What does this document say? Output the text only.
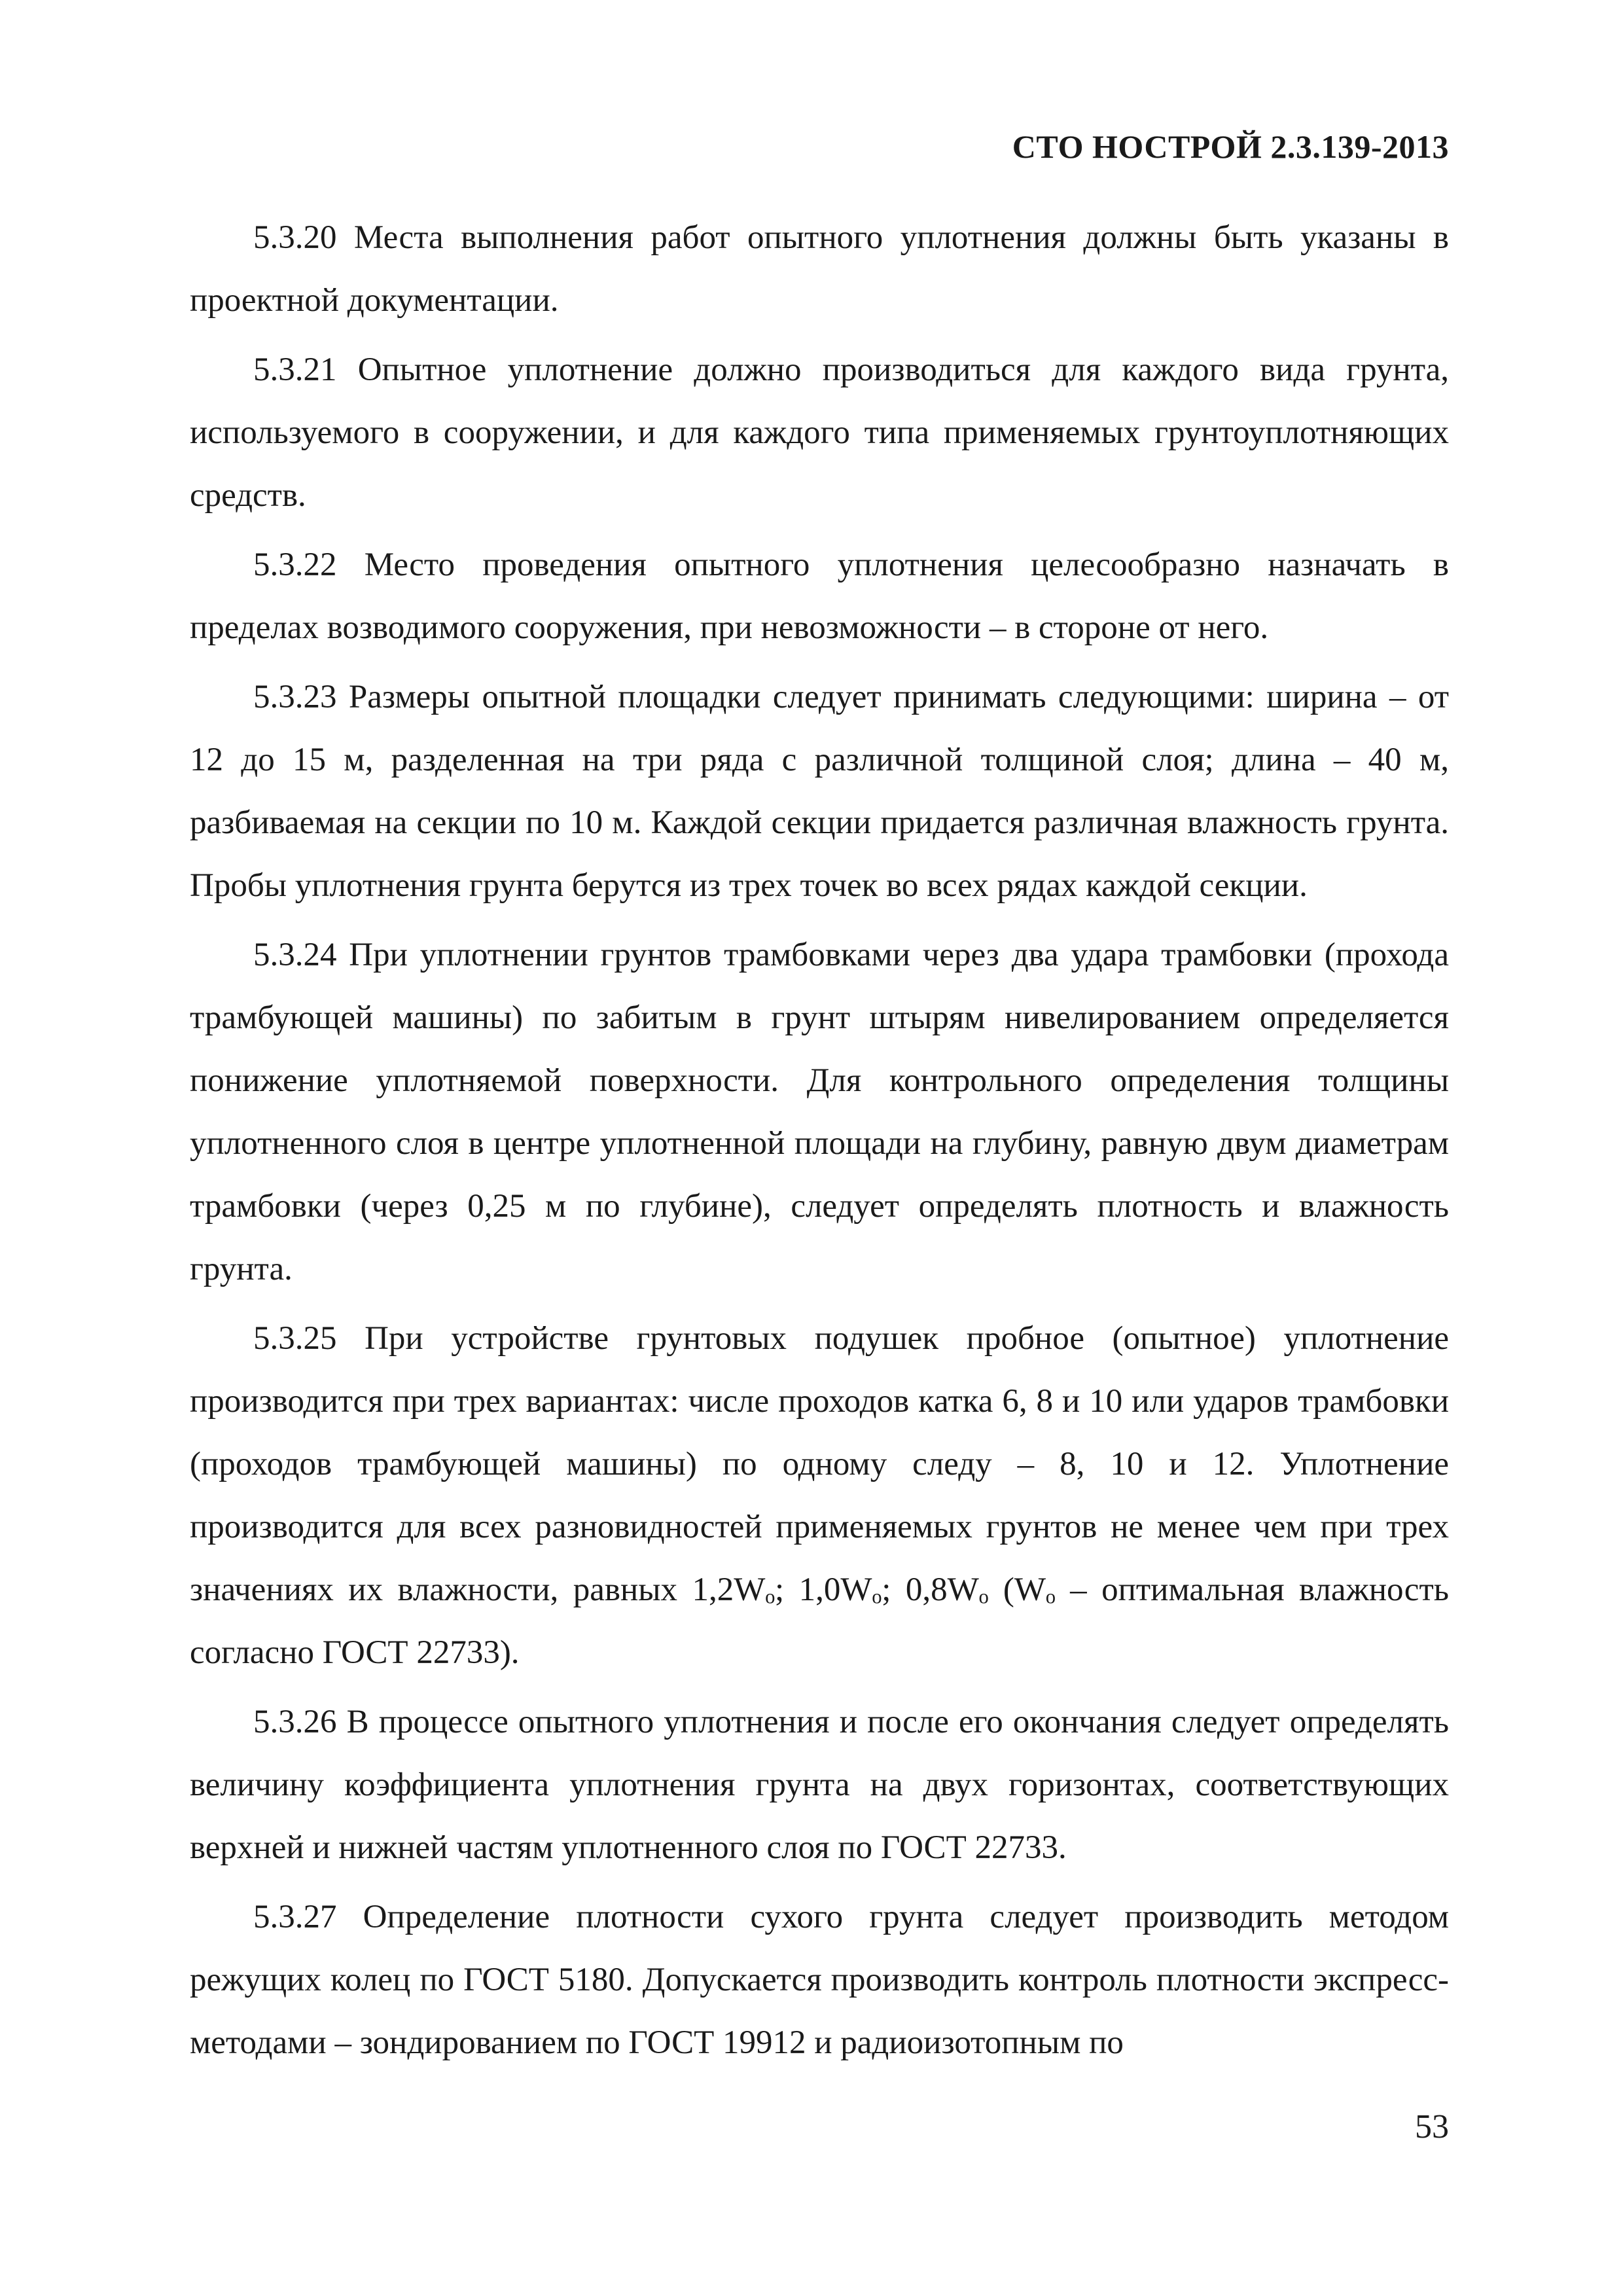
СТО НОСТРОЙ 2.3.139-2013

5.3.20 Места выполнения работ опытного уплотнения должны быть указаны в проектной документации.

5.3.21 Опытное уплотнение должно производиться для каждого вида грунта, используемого в сооружении, и для каждого типа применяемых грунтоуплотняющих средств.

5.3.22 Место проведения опытного уплотнения целесообразно назначать в пределах возводимого сооружения, при невозможности – в стороне от него.

5.3.23 Размеры опытной площадки следует принимать следующими: ширина – от 12 до 15 м, разделенная на три ряда с различной толщиной слоя; длина – 40 м, разбиваемая на секции по 10 м. Каждой секции придается различная влажность грунта. Пробы уплотнения грунта берутся из трех точек во всех рядах каждой секции.

5.3.24 При уплотнении грунтов трамбовками через два удара трамбовки (прохода трамбующей машины) по забитым в грунт штырям нивелированием определяется понижение уплотняемой поверхности. Для контрольного определения толщины уплотненного слоя в центре уплотненной площади на глубину, равную двум диаметрам трамбовки (через 0,25 м по глубине), следует определять плотность и влажность грунта.

5.3.25 При устройстве грунтовых подушек пробное (опытное) уплотнение производится при трех вариантах: числе проходов катка 6, 8 и 10 или ударов трамбовки (проходов трамбующей машины) по одному следу – 8, 10 и 12. Уплотнение производится для всех разновидностей применяемых грунтов не менее чем при трех значениях их влажности, равных 1,2Wₒ; 1,0Wₒ; 0,8Wₒ (Wₒ – оптимальная влажность согласно ГОСТ 22733).

5.3.26 В процессе опытного уплотнения и после его окончания следует определять величину коэффициента уплотнения грунта на двух горизонтах, соответствующих верхней и нижней частям уплотненного слоя по ГОСТ 22733.

5.3.27 Определение плотности сухого грунта следует производить методом режущих колец по ГОСТ 5180. Допускается производить контроль плотности экспресс-методами – зондированием по ГОСТ 19912 и радиоизотопным по

53
